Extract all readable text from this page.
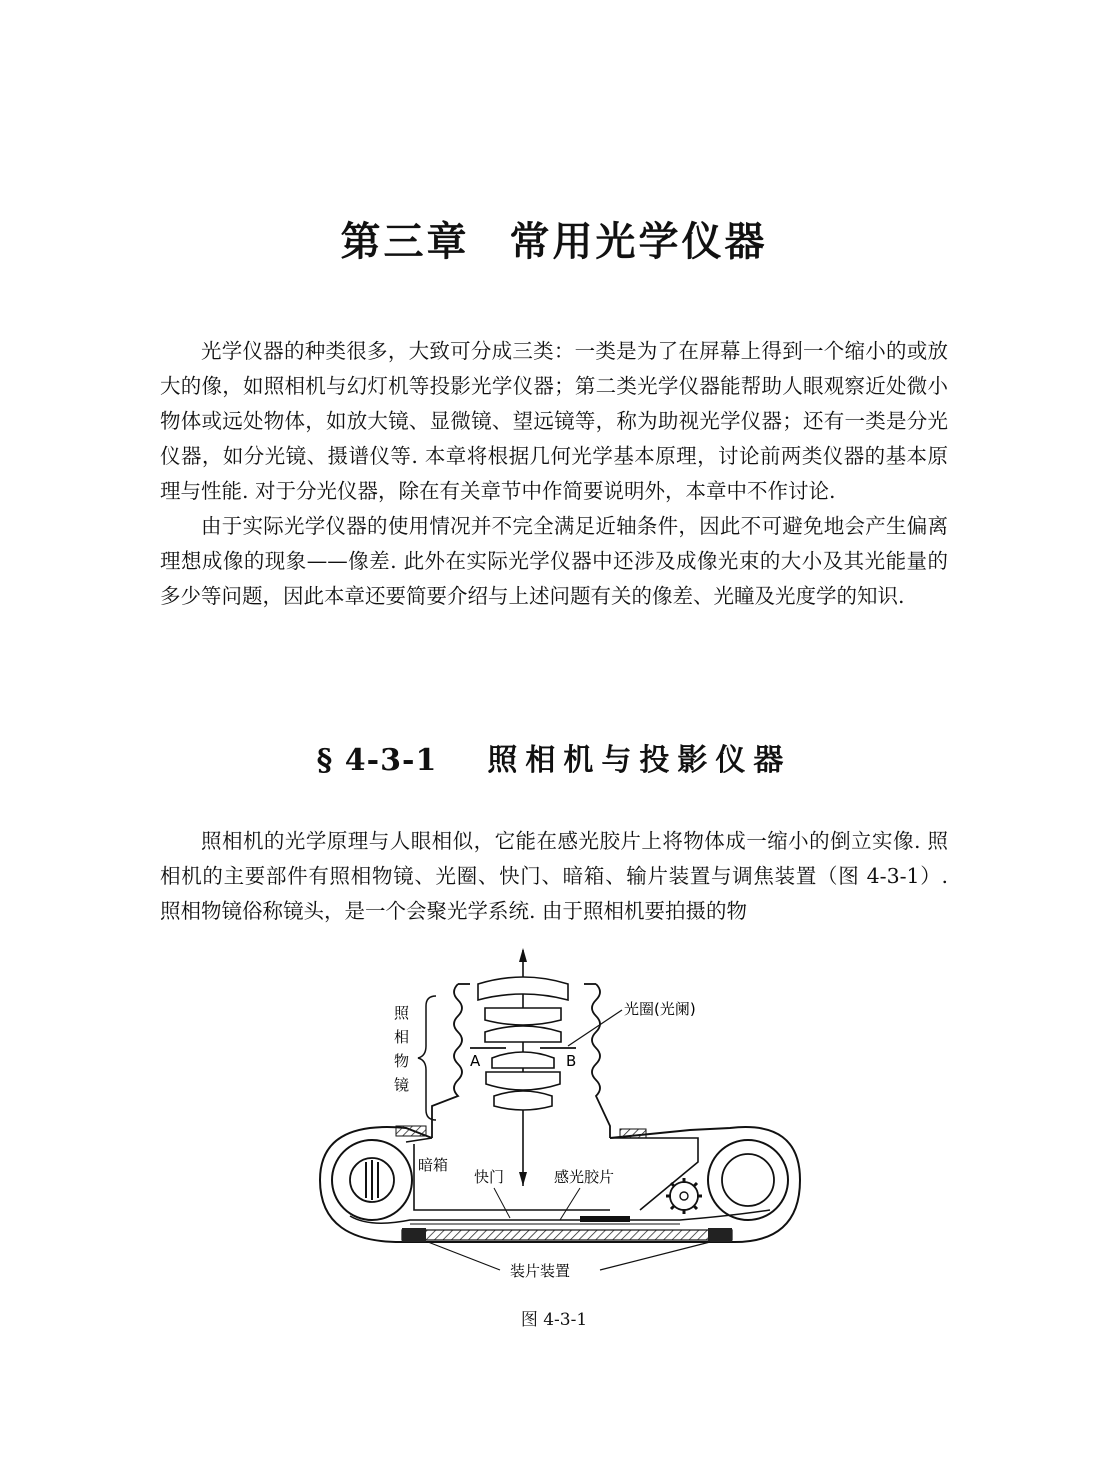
第三章 常用光学仪器

光学仪器的种类很多，大致可分成三类：一类是为了在屏幕上得到一个缩小的或放大的像，如照相机与幻灯机等投影光学仪器；第二类光学仪器能帮助人眼观察近处微小物体或远处物体，如放大镜、显微镜、望远镜等，称为助视光学仪器；还有一类是分光仪器，如分光镜、摄谱仪等. 本章将根据几何光学基本原理，讨论前两类仪器的基本原理与性能. 对于分光仪器，除在有关章节中作简要说明外，本章中不作讨论.

由于实际光学仪器的使用情况并不完全满足近轴条件，因此不可避免地会产生偏离理想成像的现象——像差. 此外在实际光学仪器中还涉及成像光束的大小及其光能量的多少等问题，因此本章还要简要介绍与上述问题有关的像差、光瞳及光度学的知识.

§ 4-3-1 照相机与投影仪器

照相机的光学原理与人眼相似，它能在感光胶片上将物体成一缩小的倒立实像. 照相机的主要部件有照相物镜、光圈、快门、暗箱、输片装置与调焦装置（图 4-3-1）. 照相物镜俗称镜头，是一个会聚光学系统. 由于照相机要拍摄的物

照
相
物
镜
光圈(光阑)
A	B
暗箱
快门	感光胶片
装片装置
图 4-3-1
